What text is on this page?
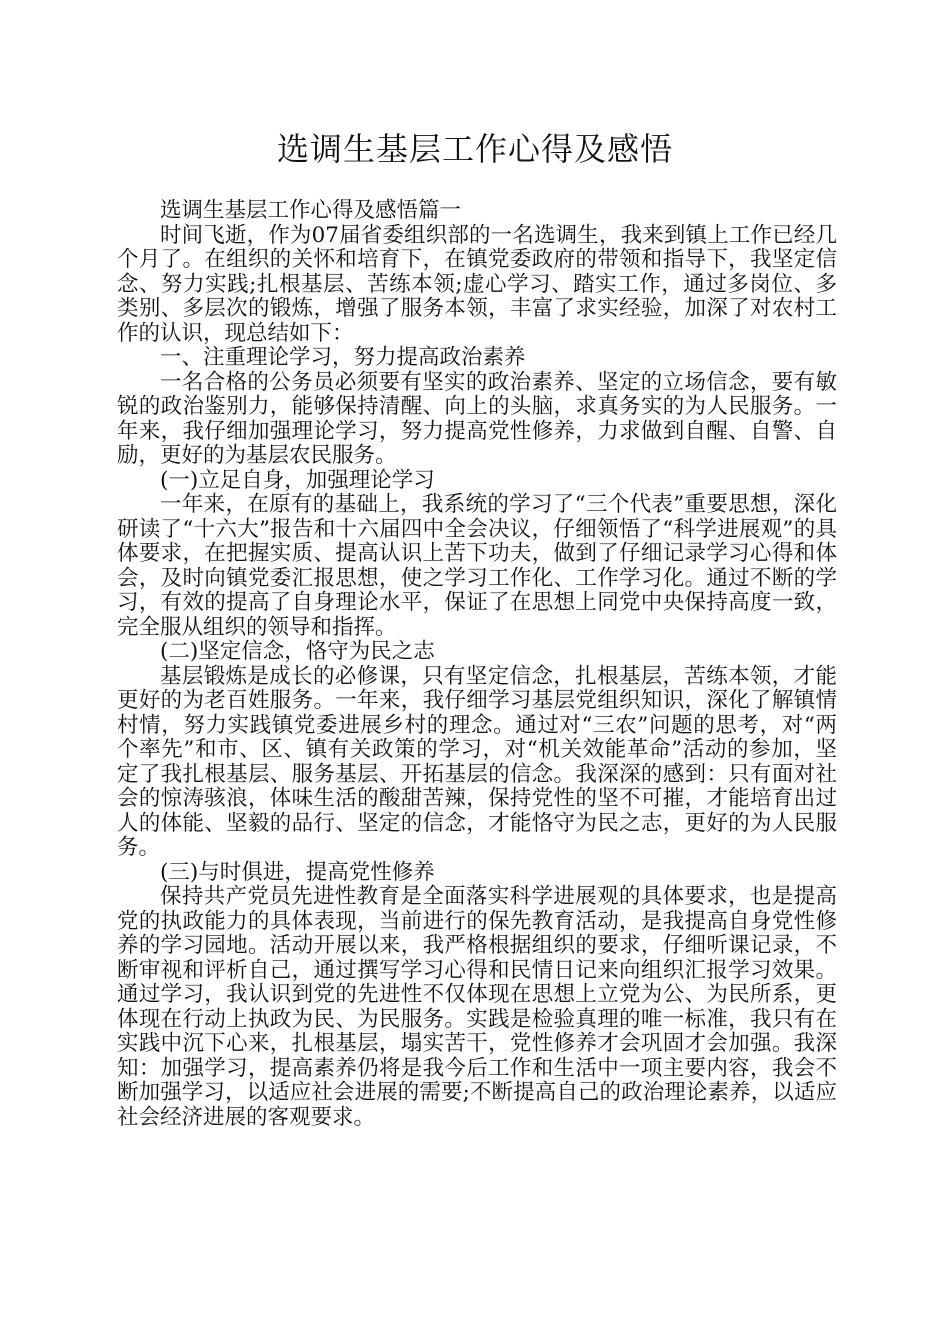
选调生基层工作心得及感悟

选调生基层工作心得及感悟篇一

时间飞逝，作为07届省委组织部的一名选调生，我来到镇上工作已经几个月了。在组织的关怀和培育下，在镇党委政府的带领和指导下，我坚定信念、努力实践;扎根基层、苦练本领;虚心学习、踏实工作，通过多岗位、多类别、多层次的锻炼，增强了服务本领，丰富了求实经验，加深了对农村工作的认识，现总结如下：

一、注重理论学习，努力提高政治素养

一名合格的公务员必须要有坚实的政治素养、坚定的立场信念，要有敏锐的政治鉴别力，能够保持清醒、向上的头脑，求真务实的为人民服务。一年来，我仔细加强理论学习，努力提高党性修养，力求做到自醒、自警、自励，更好的为基层农民服务。

(一)立足自身，加强理论学习

一年来，在原有的基础上，我系统的学习了“三个代表”重要思想，深化研读了“十六大”报告和十六届四中全会决议，仔细领悟了“科学进展观”的具体要求，在把握实质、提高认识上苦下功夫，做到了仔细记录学习心得和体会，及时向镇党委汇报思想，使之学习工作化、工作学习化。通过不断的学习，有效的提高了自身理论水平，保证了在思想上同党中央保持高度一致，完全服从组织的领导和指挥。

(二)坚定信念，恪守为民之志

基层锻炼是成长的必修课，只有坚定信念，扎根基层，苦练本领，才能更好的为老百姓服务。一年来，我仔细学习基层党组织知识，深化了解镇情村情，努力实践镇党委进展乡村的理念。通过对“三农”问题的思考，对“两个率先”和市、区、镇有关政策的学习，对“机关效能革命”活动的参加，坚定了我扎根基层、服务基层、开拓基层的信念。我深深的感到：只有面对社会的惊涛骇浪，体味生活的酸甜苦辣，保持党性的坚不可摧，才能培育出过人的体能、坚毅的品行、坚定的信念，才能恪守为民之志，更好的为人民服务。

(三)与时俱进，提高党性修养

保持共产党员先进性教育是全面落实科学进展观的具体要求，也是提高党的执政能力的具体表现，当前进行的保先教育活动，是我提高自身党性修养的学习园地。活动开展以来，我严格根据组织的要求，仔细听课记录，不断审视和评析自己，通过撰写学习心得和民情日记来向组织汇报学习效果。通过学习，我认识到党的先进性不仅体现在思想上立党为公、为民所系，更体现在行动上执政为民、为民服务。实践是检验真理的唯一标准，我只有在实践中沉下心来，扎根基层，塌实苦干，党性修养才会巩固才会加强。我深知：加强学习，提高素养仍将是我今后工作和生活中一项主要内容，我会不断加强学习，以适应社会进展的需要;不断提高自己的政治理论素养，以适应社会经济进展的客观要求。
